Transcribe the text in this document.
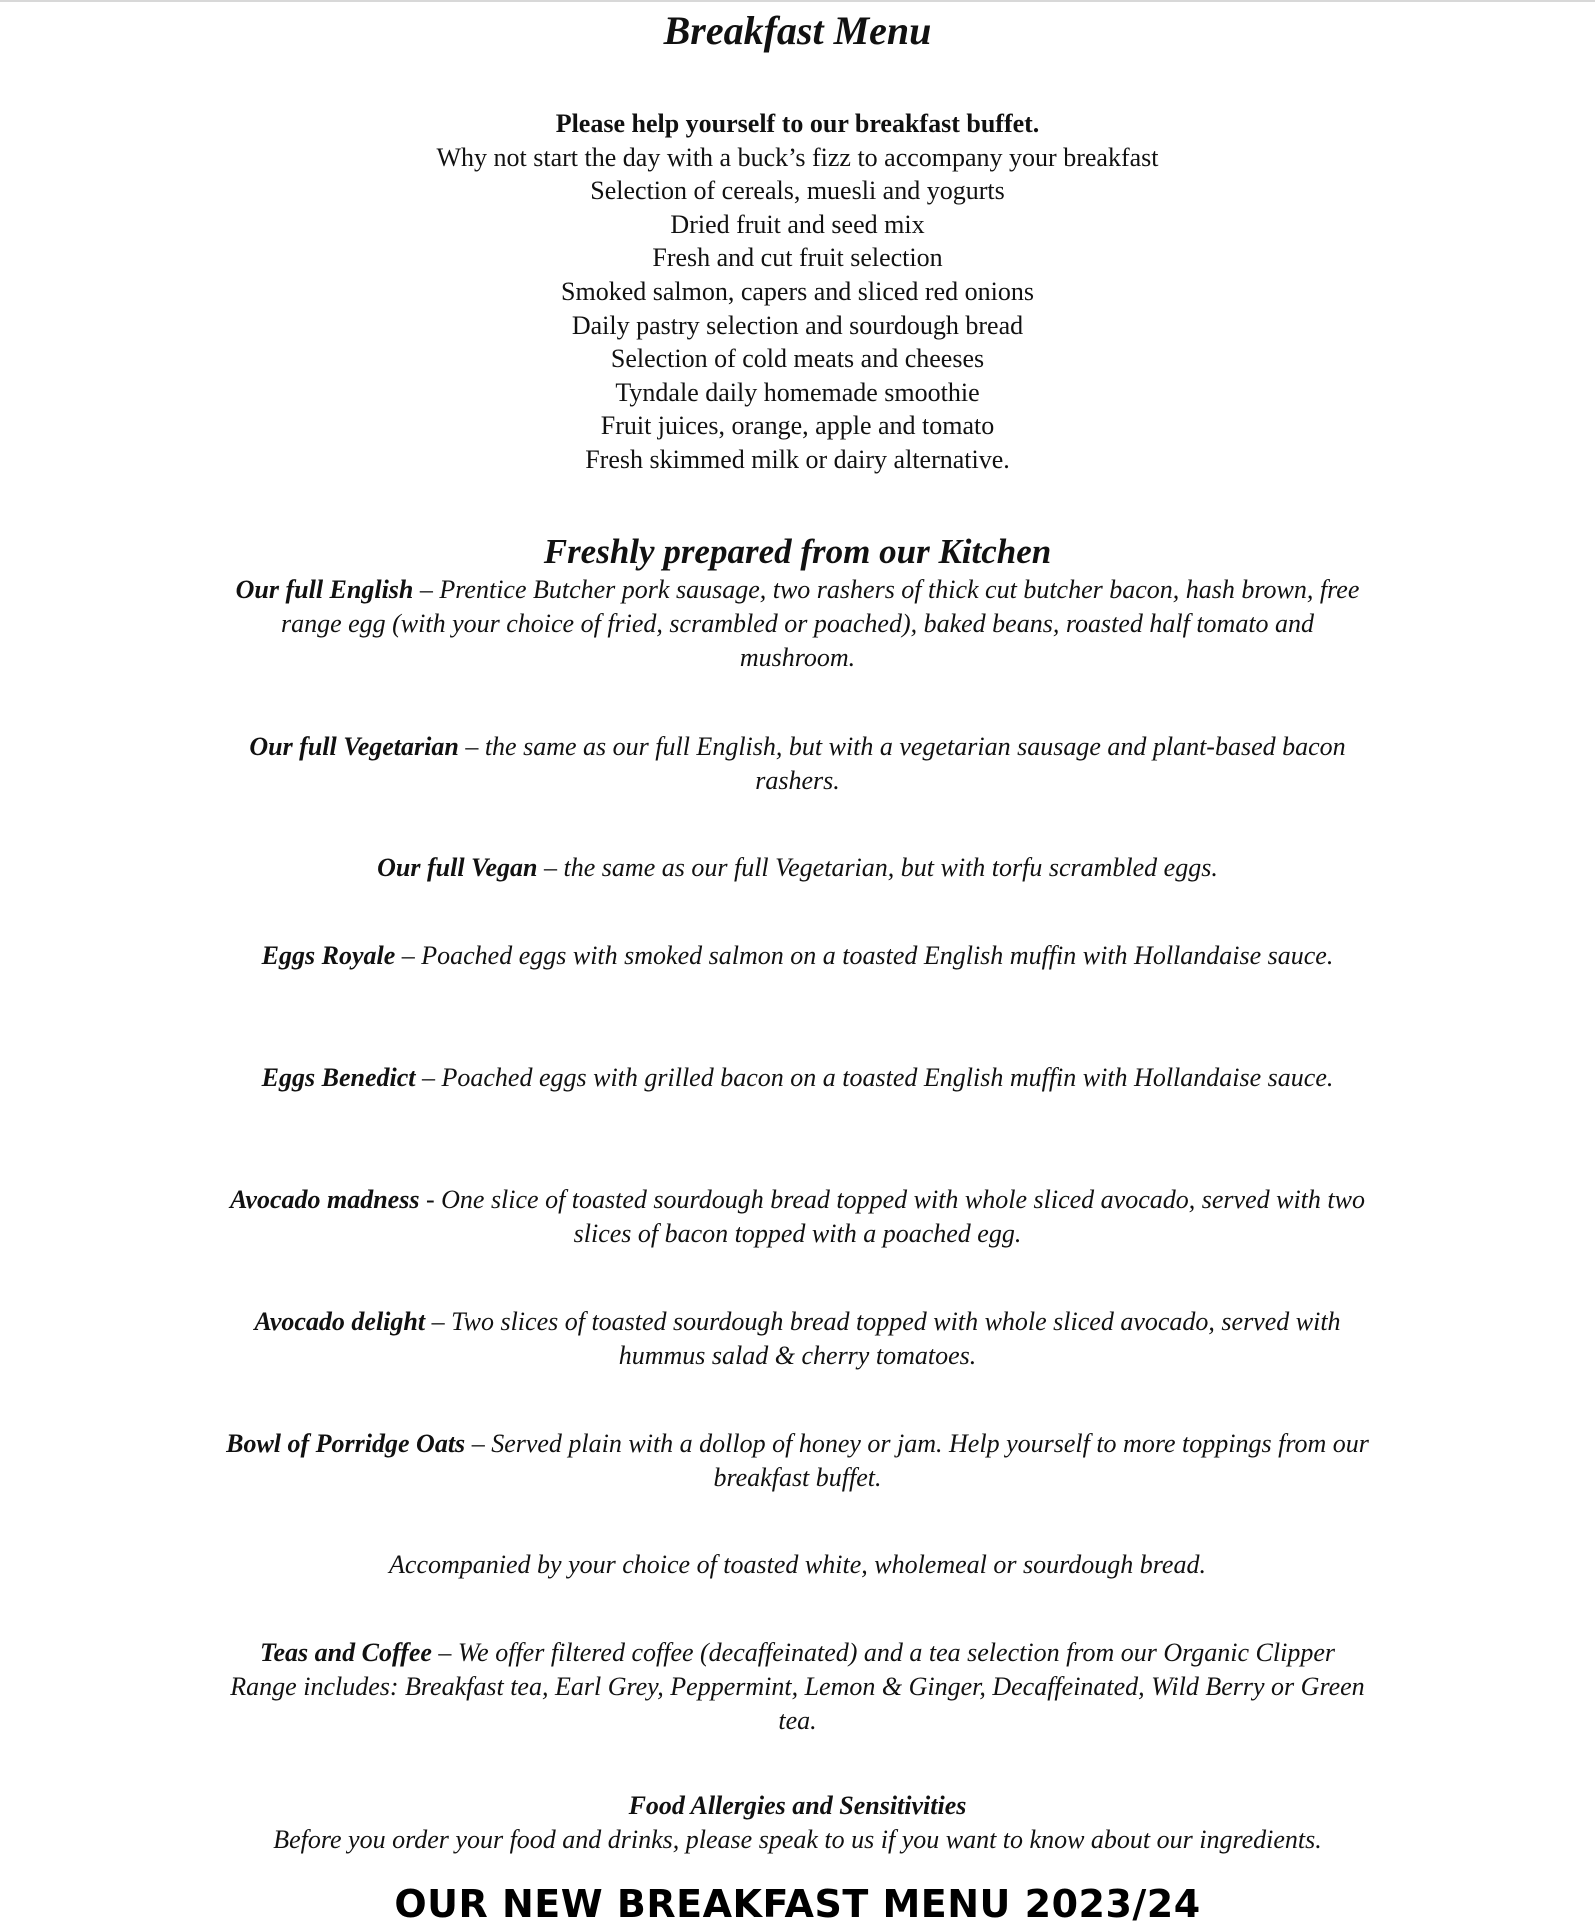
Breakfast Menu
Please help yourself to our breakfast buffet.
Why not start the day with a buck’s fizz to accompany your breakfast
Selection of cereals, muesli and yogurts
Dried fruit and seed mix
Fresh and cut fruit selection
Smoked salmon, capers and sliced red onions
Daily pastry selection and sourdough bread
Selection of cold meats and cheeses
Tyndale daily homemade smoothie
Fruit juices, orange, apple and tomato
Fresh skimmed milk or dairy alternative.
Freshly prepared from our Kitchen
Our full English – Prentice Butcher pork sausage, two rashers of thick cut butcher bacon, hash brown, free range egg (with your choice of fried, scrambled or poached), baked beans, roasted half tomato and mushroom.
Our full Vegetarian – the same as our full English, but with a vegetarian sausage and plant-based bacon rashers.
Our full Vegan – the same as our full Vegetarian, but with torfu scrambled eggs.
Eggs Royale – Poached eggs with smoked salmon on a toasted English muffin with Hollandaise sauce.
Eggs Benedict – Poached eggs with grilled bacon on a toasted English muffin with Hollandaise sauce.
Avocado madness - One slice of toasted sourdough bread topped with whole sliced avocado, served with two slices of bacon topped with a poached egg.
Avocado delight – Two slices of toasted sourdough bread topped with whole sliced avocado, served with hummus salad & cherry tomatoes.
Bowl of Porridge Oats – Served plain with a dollop of honey or jam. Help yourself to more toppings from our breakfast buffet.
Accompanied by your choice of toasted white, wholemeal or sourdough bread.
Teas and Coffee – We offer filtered coffee (decaffeinated) and a tea selection from our Organic Clipper Range includes: Breakfast tea, Earl Grey, Peppermint, Lemon & Ginger, Decaffeinated, Wild Berry or Green tea.
Food Allergies and Sensitivities
Before you order your food and drinks, please speak to us if you want to know about our ingredients.
OUR NEW BREAKFAST MENU 2023/24
